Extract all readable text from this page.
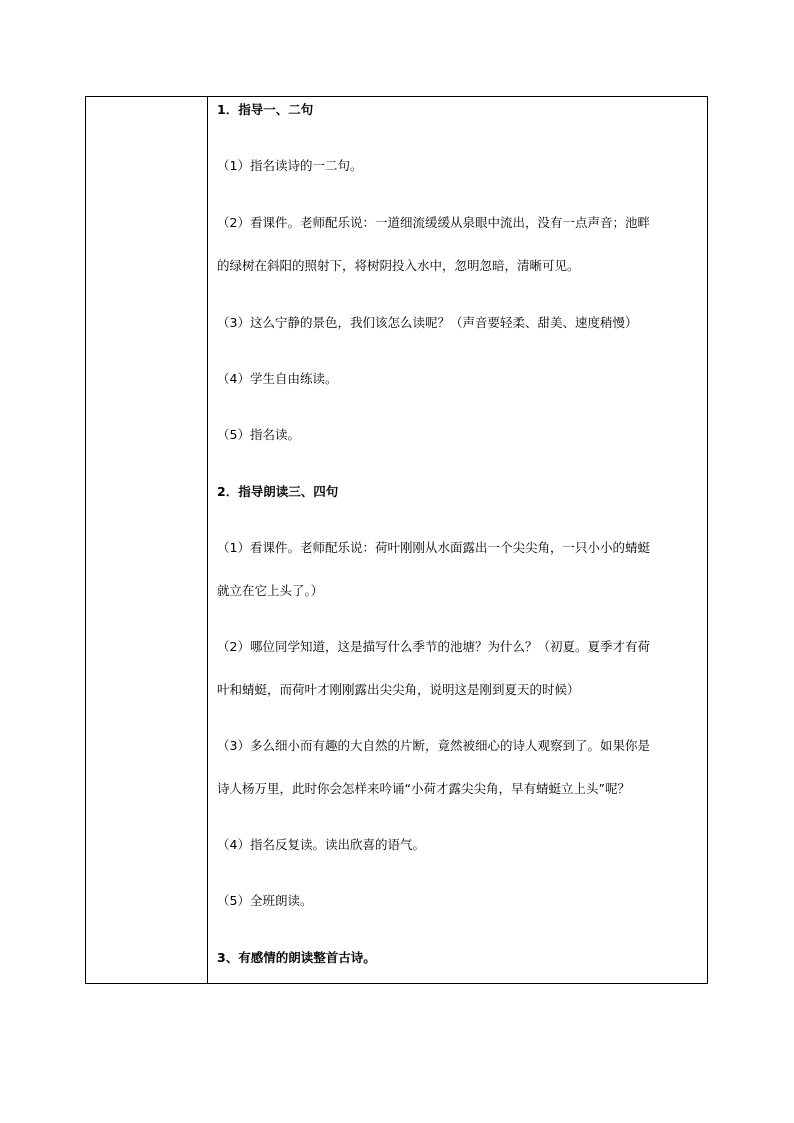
1．指导一、二句
（1）指名读诗的一二句。
（2）看课件。老师配乐说：一道细流缓缓从泉眼中流出，没有一点声音；池畔
的绿树在斜阳的照射下，将树阴投入水中，忽明忽暗，清晰可见。
（3）这么宁静的景色，我们该怎么读呢？（声音要轻柔、甜美、速度稍慢）
（4）学生自由练读。
（5）指名读。
2．指导朗读三、四句
（1）看课件。老师配乐说：荷叶刚刚从水面露出一个尖尖角，一只小小的蜻蜓
就立在它上头了。）
（2）哪位同学知道，这是描写什么季节的池塘？为什么？（初夏。夏季才有荷
叶和蜻蜓，而荷叶才刚刚露出尖尖角，说明这是刚到夏天的时候）
（3）多么细小而有趣的大自然的片断，竟然被细心的诗人观察到了。如果你是
诗人杨万里，此时你会怎样来吟诵“小荷才露尖尖角，早有蜻蜓立上头”呢？
（4）指名反复读。读出欣喜的语气。
（5）全班朗读。
3、有感情的朗读整首古诗。
